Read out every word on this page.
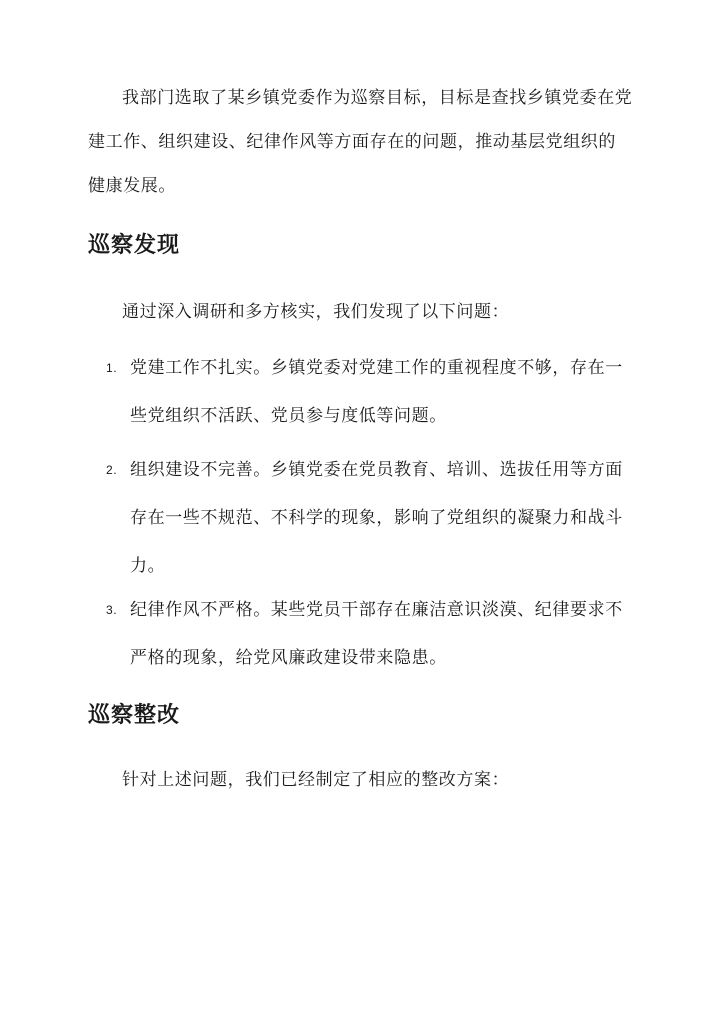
我部门选取了某乡镇党委作为巡察目标，目标是查找乡镇党委在党建工作、组织建设、纪律作风等方面存在的问题，推动基层党组织的健康发展。

巡察发现

通过深入调研和多方核实，我们发现了以下问题：

1. 党建工作不扎实。乡镇党委对党建工作的重视程度不够，存在一些党组织不活跃、党员参与度低等问题。
2. 组织建设不完善。乡镇党委在党员教育、培训、选拔任用等方面存在一些不规范、不科学的现象，影响了党组织的凝聚力和战斗力。
3. 纪律作风不严格。某些党员干部存在廉洁意识淡漠、纪律要求不严格的现象，给党风廉政建设带来隐患。
巡察整改

针对上述问题，我们已经制定了相应的整改方案：
